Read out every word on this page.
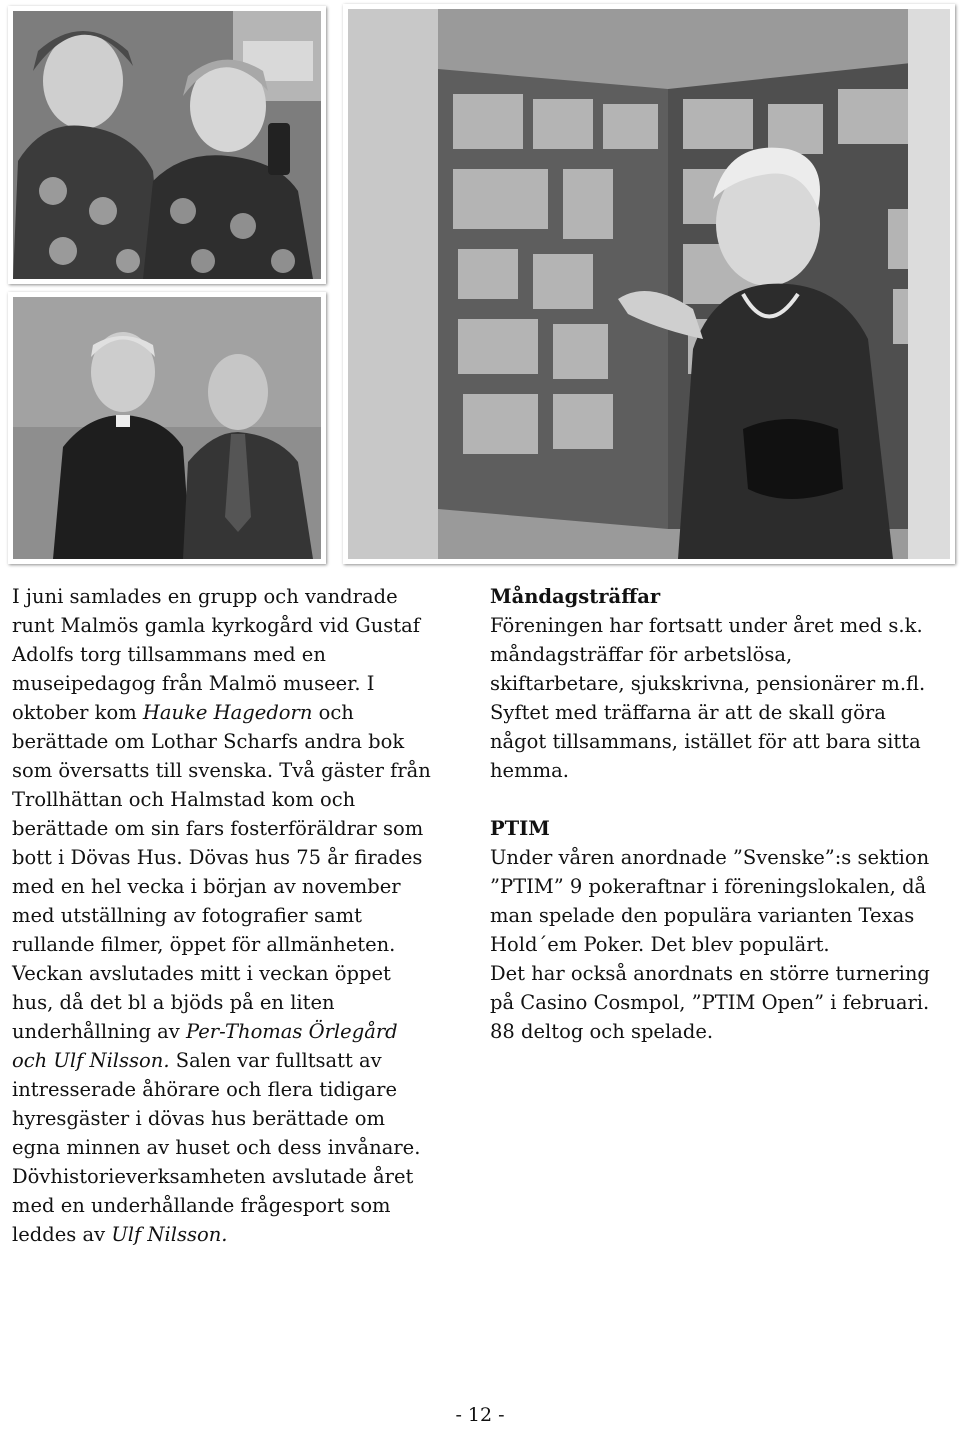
I juni samlades en grupp och vandrade runt Malmös gamla kyrkogård vid Gustaf Adolfs torg tillsammans med en museipedagog från Malmö museer. I oktober kom Hauke Hagedorn och berättade om Lothar Scharfs andra bok som översatts till svenska. Två gäster från Trollhättan och Halmstad kom och berättade om sin fars fosterföräldrar som bott i Dövas Hus. Dövas hus 75 år firades med en hel vecka i början av november med utställning av fotografier samt rullande filmer, öppet för allmänheten. Veckan avslutades mitt i veckan öppet hus, då det bl a bjöds på en liten underhållning av Per-Thomas Örlegård och Ulf Nilsson. Salen var fulltsatt av intresserade åhörare och flera tidigare hyresgäster i dövas hus berättade om egna minnen av huset och dess invånare.

Dövhistorieverksamheten avslutade året med en underhållande frågesport som leddes av Ulf Nilsson.

Måndagsträffar

Föreningen har fortsatt under året med s.k. måndagsträffar för arbetslösa, skiftarbetare, sjukskrivna, pensionärer m.fl. Syftet med träffarna är att de skall göra något tillsammans, istället för att bara sitta hemma.

PTIM

Under våren anordnade ”Svenske”:s sektion ”PTIM” 9 pokeraftnar i föreningslokalen, då man spelade den populära varianten Texas Hold´em Poker. Det blev populärt.

Det har också anordnats en större turnering på Casino Cosmpol, ”PTIM Open” i februari. 88 deltog och spelade.

- 12 -
